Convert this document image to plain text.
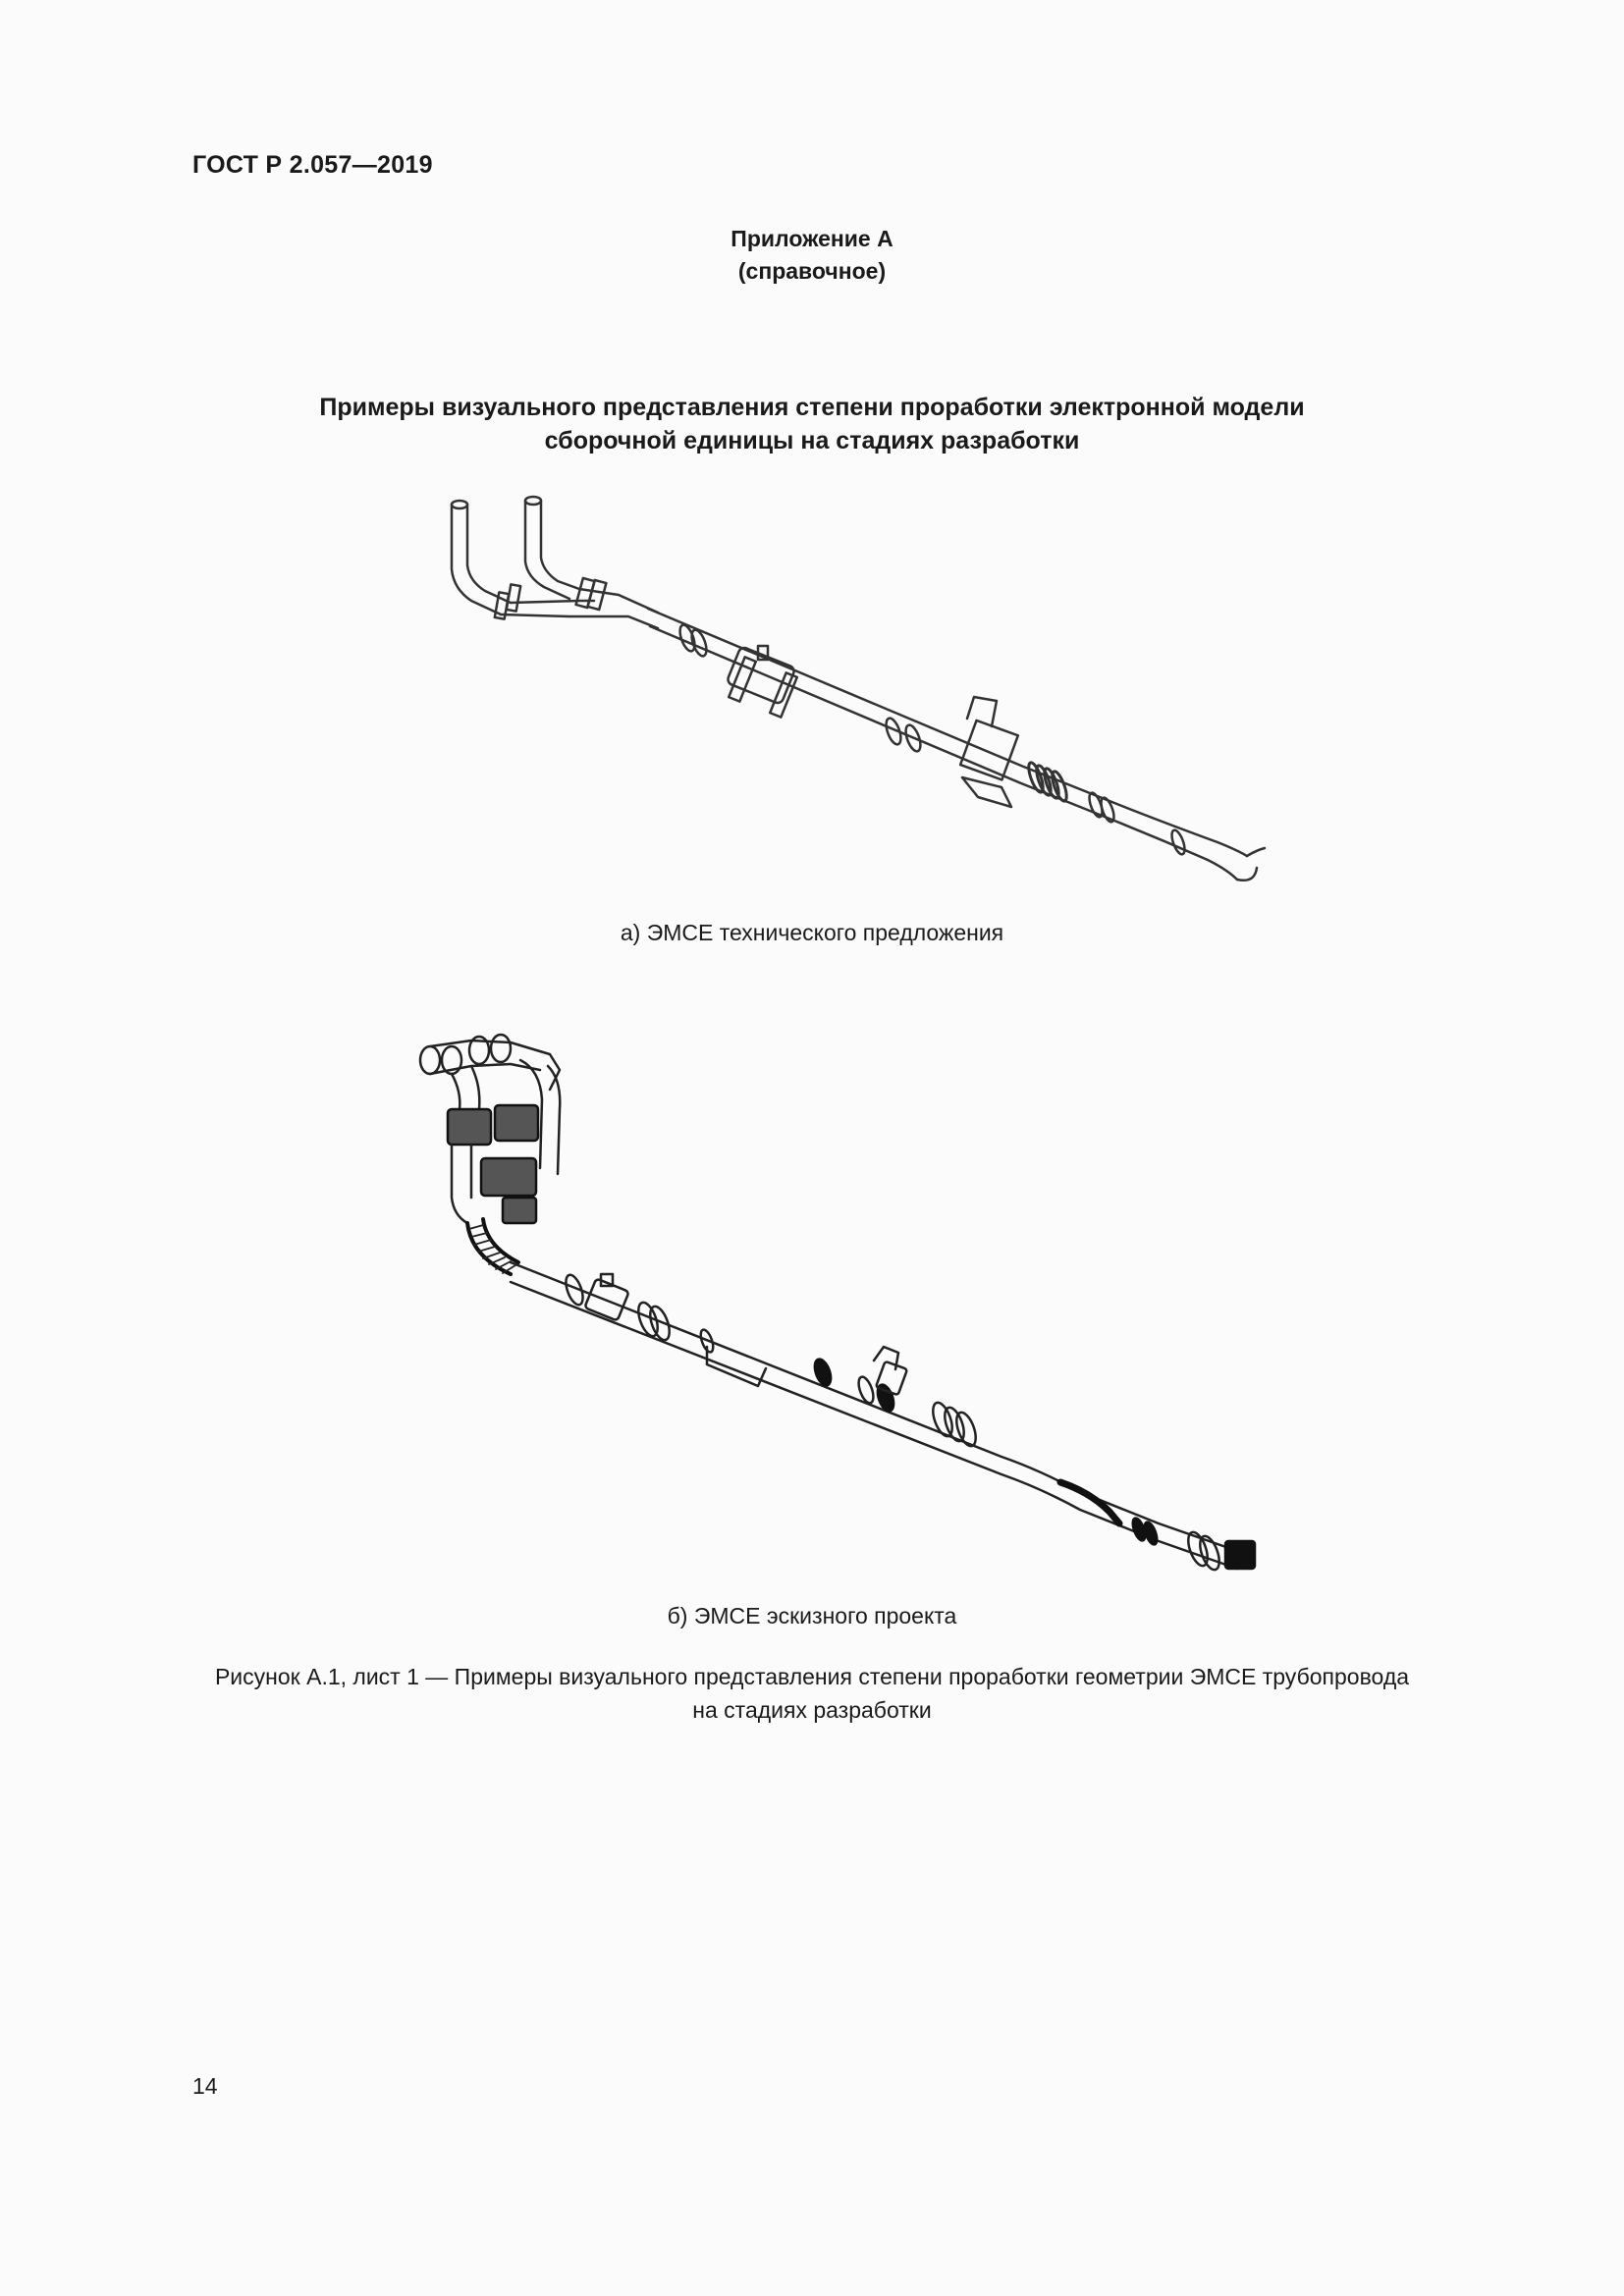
ГОСТ Р 2.057—2019
Приложение А
(справочное)
Примеры визуального представления степени проработки электронной модели
сборочной единицы на стадиях разработки
а) ЭМСЕ технического предложения
б) ЭМСЕ эскизного проекта
Рисунок А.1, лист 1 — Примеры визуального представления степени проработки геометрии ЭМСЕ трубопровода
на стадиях разработки
14
